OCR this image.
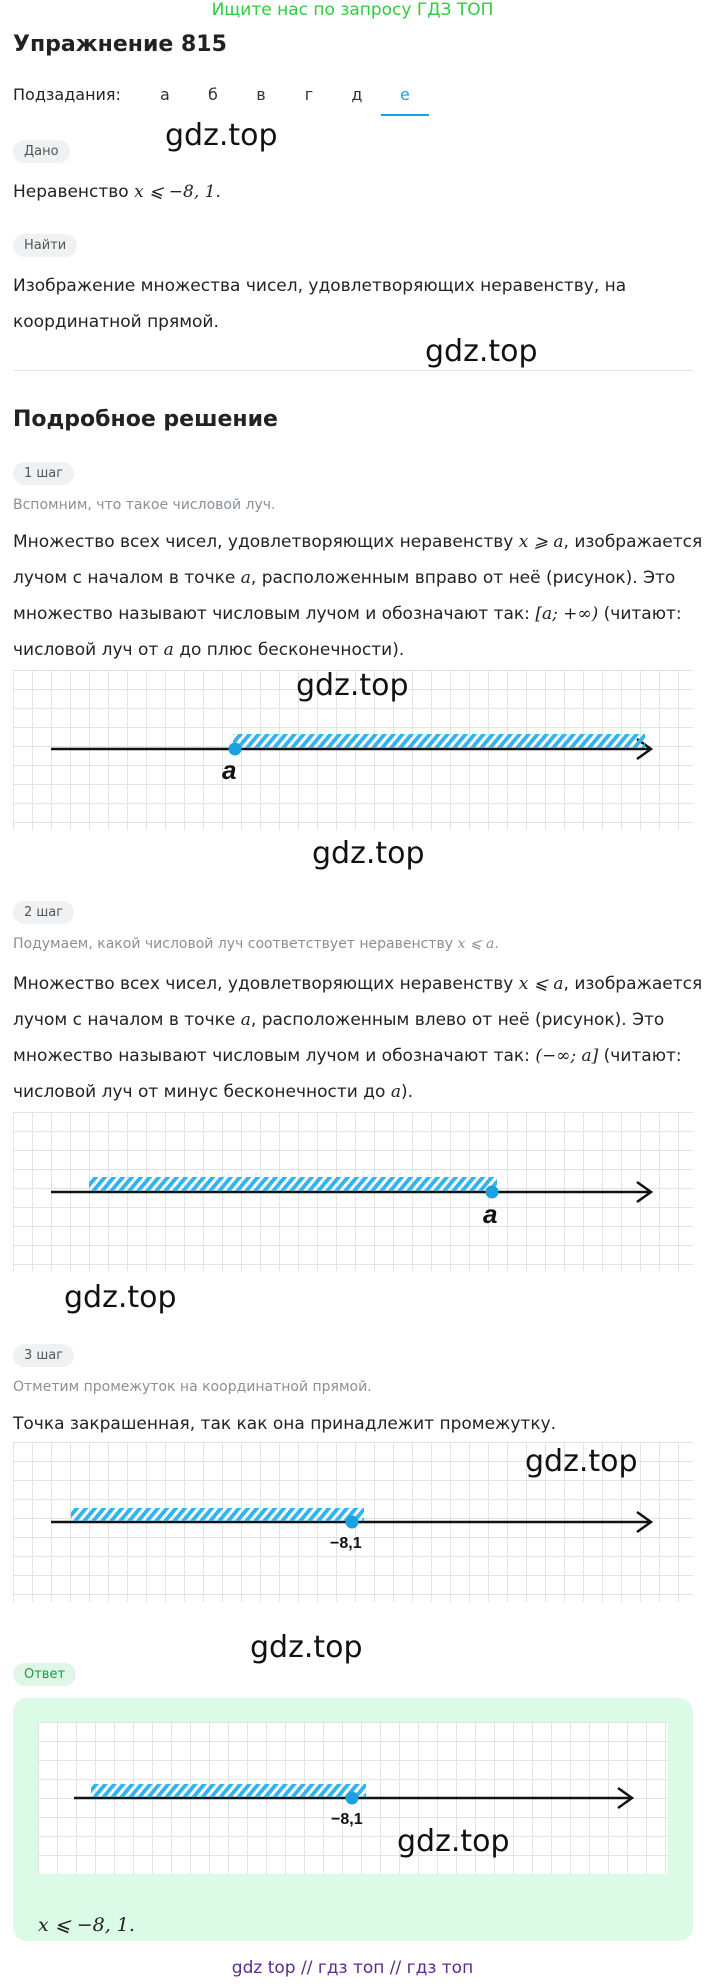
Ищите нас по запросу ГДЗ ТОП
Упражнение 815
Подзадания:	а	б	в	г	д	е
Дано	gdz.top
Неравенство x ⩽ −8, 1.
Найти
Изображение множества чисел, удовлетворяющих неравенству, на
координатной прямой.
gdz.top
Подробное решение
1 шаг
Вспомним, что такое числовой луч.
Множество всех чисел, удовлетворяющих неравенству x ⩾ a, изображается
лучом с началом в точке a, расположенным вправо от неё (рисунок). Это
множество называют числовым лучом и обозначают так: [a; +∞) (читают:
числовой луч от a до плюс бесконечности).
a
gdz.top
gdz.top
2 шаг
Подумаем, какой числовой луч соответствует неравенству x ⩽ a.
Множество всех чисел, удовлетворяющих неравенству x ⩽ a, изображается
лучом с началом в точке a, расположенным влево от неё (рисунок). Это
множество называют числовым лучом и обозначают так: (−∞; a] (читают:
числовой луч от минус бесконечности до a).
a
gdz.top
3 шаг
Отметим промежуток на координатной прямой.
Точка закрашенная, так как она принадлежит промежутку.
−8,1
gdz.top
gdz.top
Ответ
−8,1
gdz.top
x ⩽ −8, 1.
gdz top // гдз топ // гдз топ
